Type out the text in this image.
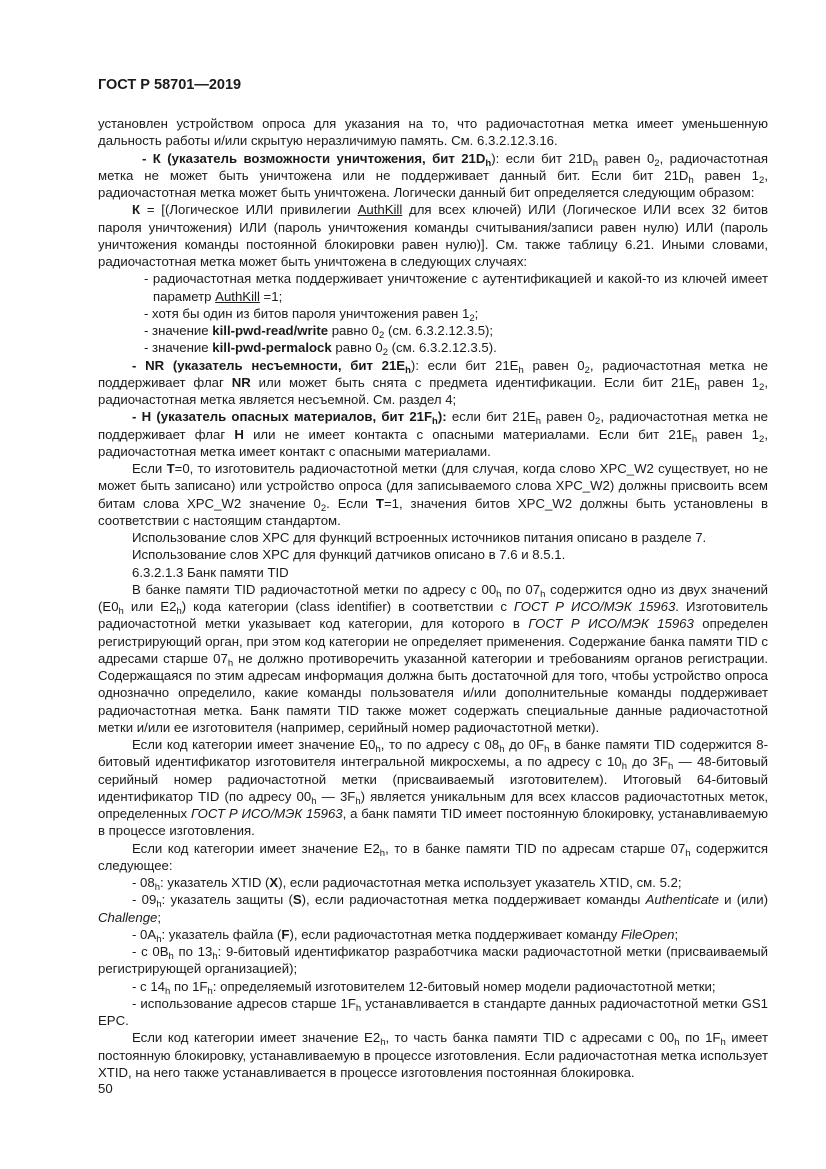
ГОСТ Р 58701—2019

установлен устройством опроса для указания на то, что радиочастотная метка имеет уменьшенную дальность работы и/или скрытую неразличимую память. См. 6.3.2.12.3.16.

- К (указатель возможности уничтожения, бит $21D_h$): если бит $21D_h$ равен $0_2$, радиочастотная метка не может быть уничтожена или не поддерживает данный бит. Если бит $21D_h$ равен $1_2$, радиочастотная метка может быть уничтожена. Логически данный бит определяется следующим образом:

К = [(Логическое ИЛИ привилегии AuthKill для всех ключей) ИЛИ (Логическое ИЛИ всех 32 битов пароля уничтожения) ИЛИ (пароль уничтожения команды считывания/записи равен нулю) ИЛИ (пароль уничтожения команды постоянной блокировки равен нулю)]. См. также таблицу 6.21. Иными словами, радиочастотная метка может быть уничтожена в следующих случаях:

- радиочастотная метка поддерживает уничтожение с аутентификацией и какой-то из ключей имеет параметр AuthKill =1;

- хотя бы один из битов пароля уничтожения равен $1_2$;

- значение kill-pwd-read/write равно $0_2$ (см. 6.3.2.12.3.5);

- значение kill-pwd-permalock равно $0_2$ (см. 6.3.2.12.3.5).

- NR (указатель несъемности, бит $21E_h$): если бит $21E_h$ равен $0_2$, радиочастотная метка не поддерживает флаг NR или может быть снята с предмета идентификации. Если бит $21E_h$ равен $1_2$, радиочастотная метка является несъемной. См. раздел 4;

- Н (указатель опасных материалов, бит $21F_h$): если бит $21E_h$ равен $0_2$, радиочастотная метка не поддерживает флаг Н или не имеет контакта с опасными материалами. Если бит $21E_h$ равен $1_2$, радиочастотная метка имеет контакт с опасными материалами.

Если T=0, то изготовитель радиочастотной метки (для случая, когда слово XPC_W2 существует, но не может быть записано) или устройство опроса (для записываемого слова XPC_W2) должны присвоить всем битам слова XPC_W2 значение $0_2$. Если T=1, значения битов XPC_W2 должны быть установлены в соответствии с настоящим стандартом.

Использование слов XPC для функций встроенных источников питания описано в разделе 7.

Использование слов XPC для функций датчиков описано в 7.6 и 8.5.1.

6.3.2.1.3 Банк памяти TID

В банке памяти TID радиочастотной метки по адресу с $00_h$ по $07_h$ содержится одно из двух значений ($E0_h$ или $E2_h$) кода категории (class identifier) в соответствии с ГОСТ Р ИСО/МЭК 15963. Изготовитель радиочастотной метки указывает код категории, для которого в ГОСТ Р ИСО/МЭК 15963 определен регистрирующий орган, при этом код категории не определяет применения. Содержание банка памяти TID с адресами старше $07_h$ не должно противоречить указанной категории и требованиям органов регистрации. Содержащаяся по этим адресам информация должна быть достаточной для того, чтобы устройство опроса однозначно определило, какие команды пользователя и/или дополнительные команды поддерживает радиочастотная метка. Банк памяти TID также может содержать специальные данные радиочастотной метки и/или ее изготовителя (например, серийный номер радиочастотной метки).

Если код категории имеет значение $E0_h$, то по адресу с $08_h$ до $0F_h$ в банке памяти TID содержится 8-битовый идентификатор изготовителя интегральной микросхемы, а по адресу с $10_h$ до $3F_h$ — 48-битовый серийный номер радиочастотной метки (присваиваемый изготовителем). Итоговый 64-битовый идентификатор TID (по адресу $00_h$ — $3F_h$) является уникальным для всех классов радиочастотных меток, определенных ГОСТ Р ИСО/МЭК 15963, а банк памяти TID имеет постоянную блокировку, устанавливаемую в процессе изготовления.

Если код категории имеет значение $E2_h$, то в банке памяти TID по адресам старше $07_h$ содержится следующее:

- $08_h$: указатель XTID (X), если радиочастотная метка использует указатель XTID, см. 5.2;

- $09_h$: указатель защиты (S), если радиочастотная метка поддерживает команды Authenticate и (или) Challenge;

- $0A_h$: указатель файла (F), если радиочастотная метка поддерживает команду FileOpen;

- с $0B_h$ по $13_h$: 9-битовый идентификатор разработчика маски радиочастотной метки (присваиваемый регистрирующей организацией);

- с $14_h$ по $1F_h$: определяемый изготовителем 12-битовый номер модели радиочастотной метки;

- использование адресов старше $1F_h$ устанавливается в стандарте данных радиочастотной метки GS1 EPC.

Если код категории имеет значение $E2_h$, то часть банка памяти TID с адресами с $00_h$ по $1F_h$ имеет постоянную блокировку, устанавливаемую в процессе изготовления. Если радиочастотная метка использует XTID, на него также устанавливается в процессе изготовления постоянная блокировка.

50
